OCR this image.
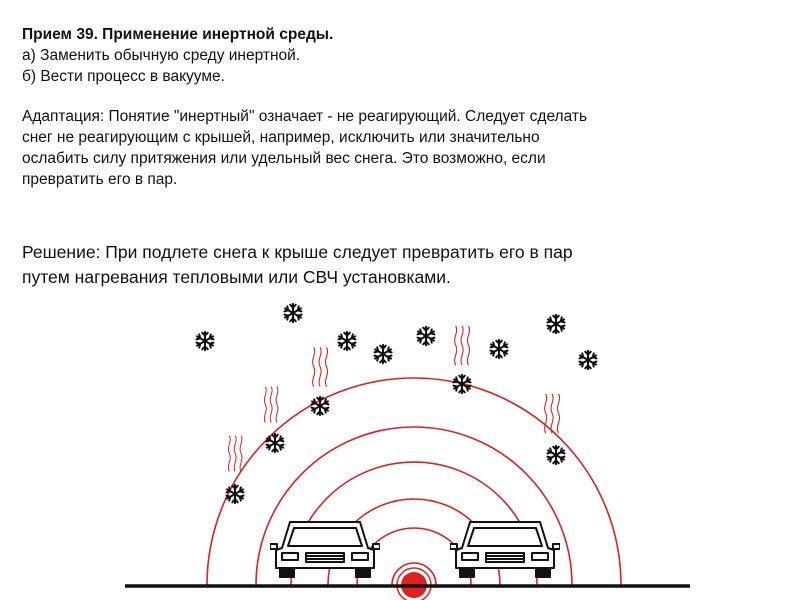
Прием 39. Применение инертной среды.
а) Заменить обычную среду инертной.
б) Вести процесс в вакууме.
Адаптация: Понятие "инертный" означает - не реагирующий. Следует сделать
снег не реагирующим с крышей, например, исключить или значительно
ослабить силу притяжения или удельный вес снега. Это возможно, если
превратить его в пар.
Решение: При подлете снега к крыше следует превратить его в пар
путем нагревания тепловыми или СВЧ установками.
